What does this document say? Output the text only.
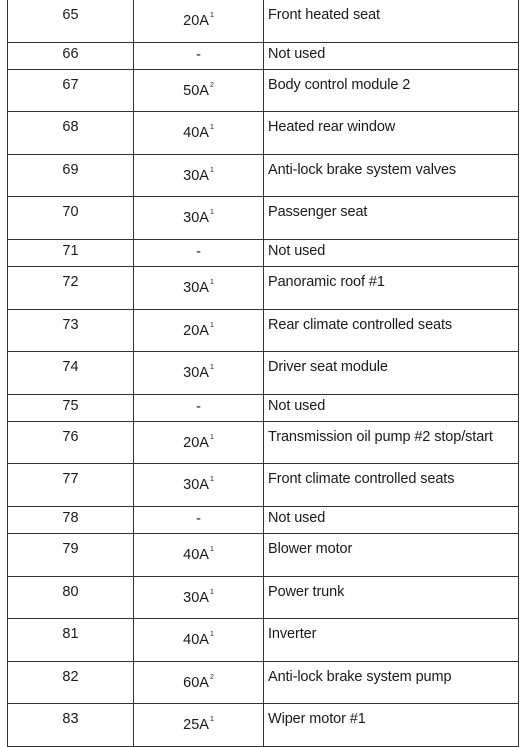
65	20A$^1$	Front heated seat
66	-	Not used
67	50A$^2$	Body control module 2
68	40A$^1$	Heated rear window
69	30A$^1$	Anti-lock brake system valves
70	30A$^1$	Passenger seat
71	-	Not used
72	30A$^1$	Panoramic roof #1
73	20A$^1$	Rear climate controlled seats
74	30A$^1$	Driver seat module
75	-	Not used
76	20A$^1$	Transmission oil pump #2 stop/start
77	30A$^1$	Front climate controlled seats
78	-	Not used
79	40A$^1$	Blower motor
80	30A$^1$	Power trunk
81	40A$^1$	Inverter
82	60A$^2$	Anti-lock brake system pump
83	25A$^1$	Wiper motor #1
